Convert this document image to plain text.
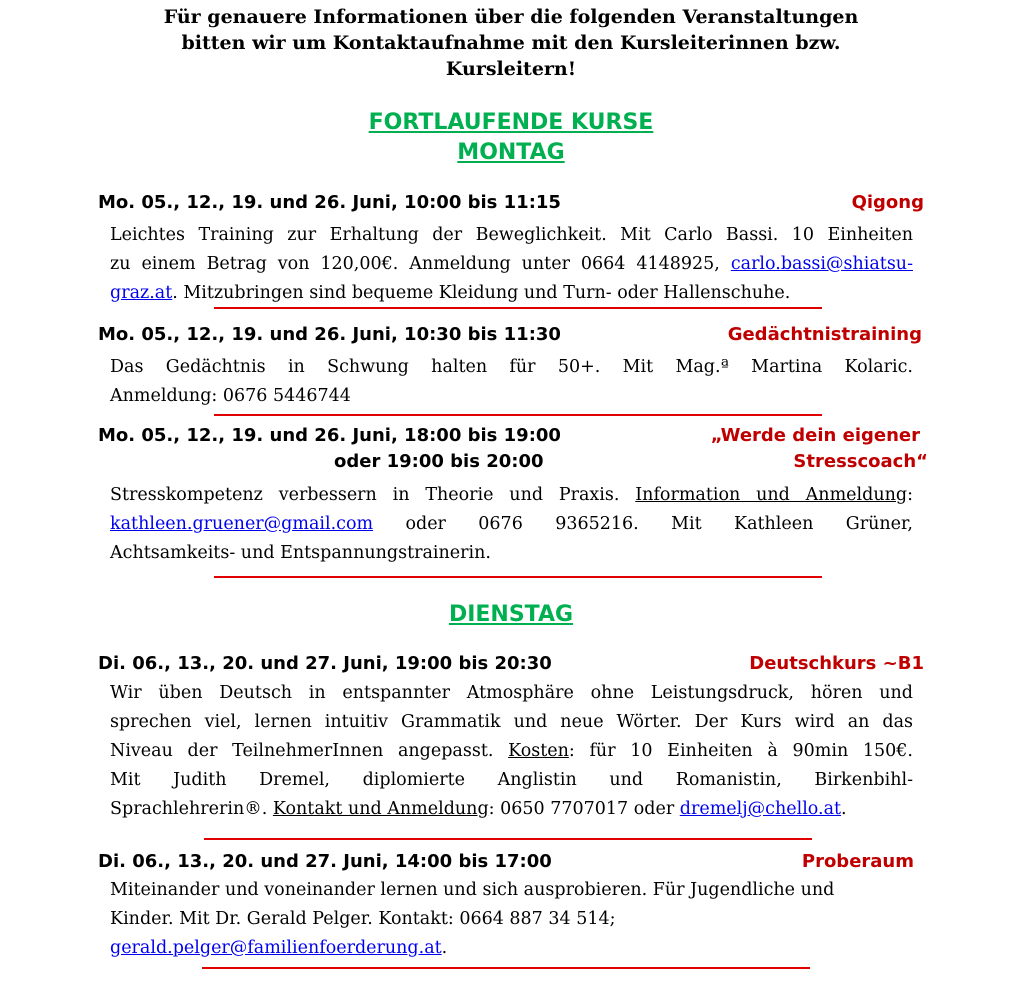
Für genauere Informationen über die folgenden Veranstaltungen
bitten wir um Kontaktaufnahme mit den Kursleiterinnen bzw.
Kursleitern!
FORTLAUFENDE KURSE
MONTAG
Mo. 05., 12., 19. und 26. Juni, 10:00 bis 11:15	Qigong
Leichtes Training zur Erhaltung der Beweglichkeit. Mit Carlo Bassi. 10 Einheiten
zu einem Betrag von 120,00€. Anmeldung unter 0664 4148925, carlo.bassi@shiatsu-
graz.at. Mitzubringen sind bequeme Kleidung und Turn- oder Hallenschuhe.
Mo. 05., 12., 19. und 26. Juni, 10:30 bis 11:30	Gedächtnistraining
Das Gedächtnis in Schwung halten für 50+. Mit Mag.ª Martina Kolaric.
Anmeldung: 0676 5446744
Mo. 05., 12., 19. und 26. Juni, 18:00 bis 19:00	„Werde dein eigener
oder 19:00 bis 20:00	Stresscoach“
Stresskompetenz verbessern in Theorie und Praxis. Information und Anmeldung:
kathleen.gruener@gmail.com oder 0676 9365216. Mit Kathleen Grüner,
Achtsamkeits- und Entspannungstrainerin.
DIENSTAG
Di. 06., 13., 20. und 27. Juni, 19:00 bis 20:30	Deutschkurs ~B1
Wir üben Deutsch in entspannter Atmosphäre ohne Leistungsdruck, hören und
sprechen viel, lernen intuitiv Grammatik und neue Wörter. Der Kurs wird an das
Niveau der TeilnehmerInnen angepasst. Kosten: für 10 Einheiten à 90min 150€.
Mit Judith Dremel, diplomierte Anglistin und Romanistin, Birkenbihl-
Sprachlehrerin®. Kontakt und Anmeldung: 0650 7707017 oder dremelj@chello.at.
Di. 06., 13., 20. und 27. Juni, 14:00 bis 17:00	Proberaum
Miteinander und voneinander lernen und sich ausprobieren. Für Jugendliche und
Kinder. Mit Dr. Gerald Pelger. Kontakt: 0664 887 34 514;
gerald.pelger@familienfoerderung.at.
